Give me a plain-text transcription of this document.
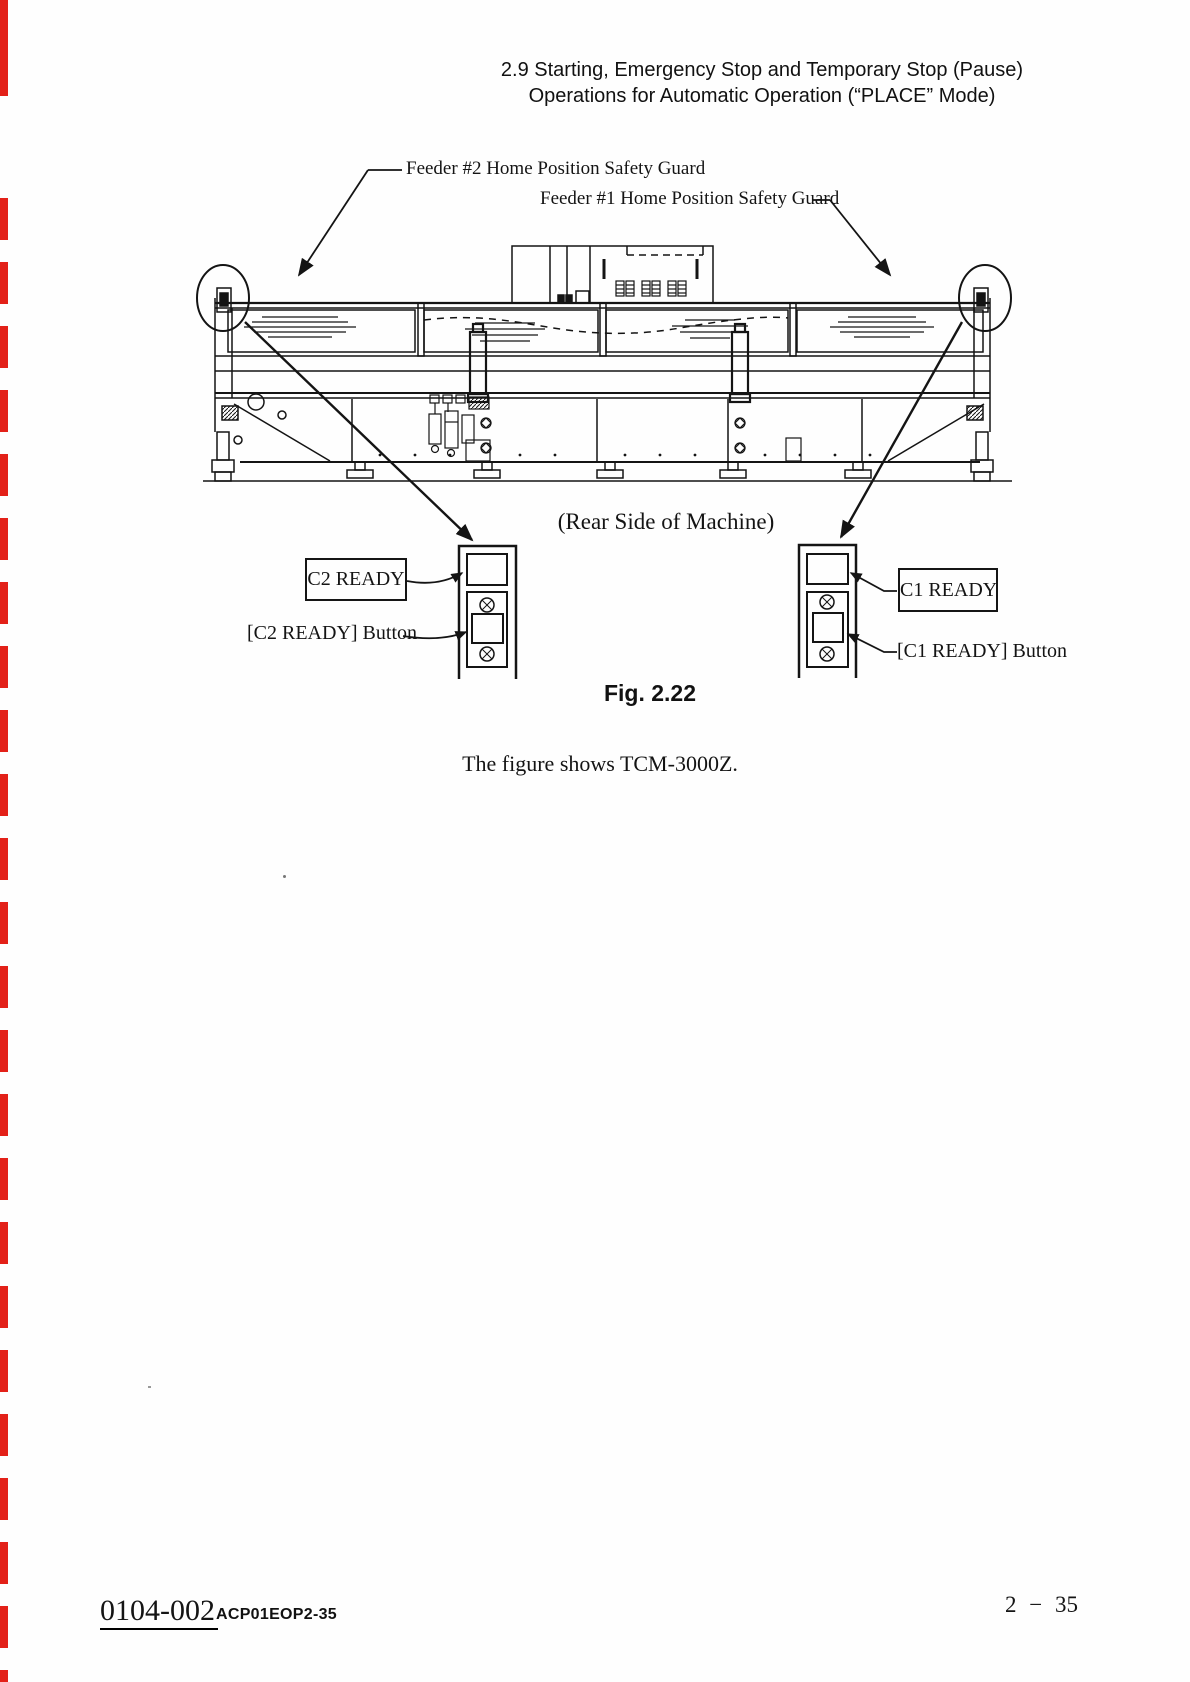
2.9 Starting, Emergency Stop and Temporary Stop (Pause)
Operations for Automatic Operation (“PLACE” Mode)
Feeder #2 Home Position Safety Guard
Feeder #1 Home Position Safety Guard
(Rear Side of Machine)
C2 READY	C1 READY
[C2 READY] Button
[C1 READY] Button
Fig. 2.22
The figure shows TCM-3000Z.
0104-002 ACP01EOP2-35	2 − 35
